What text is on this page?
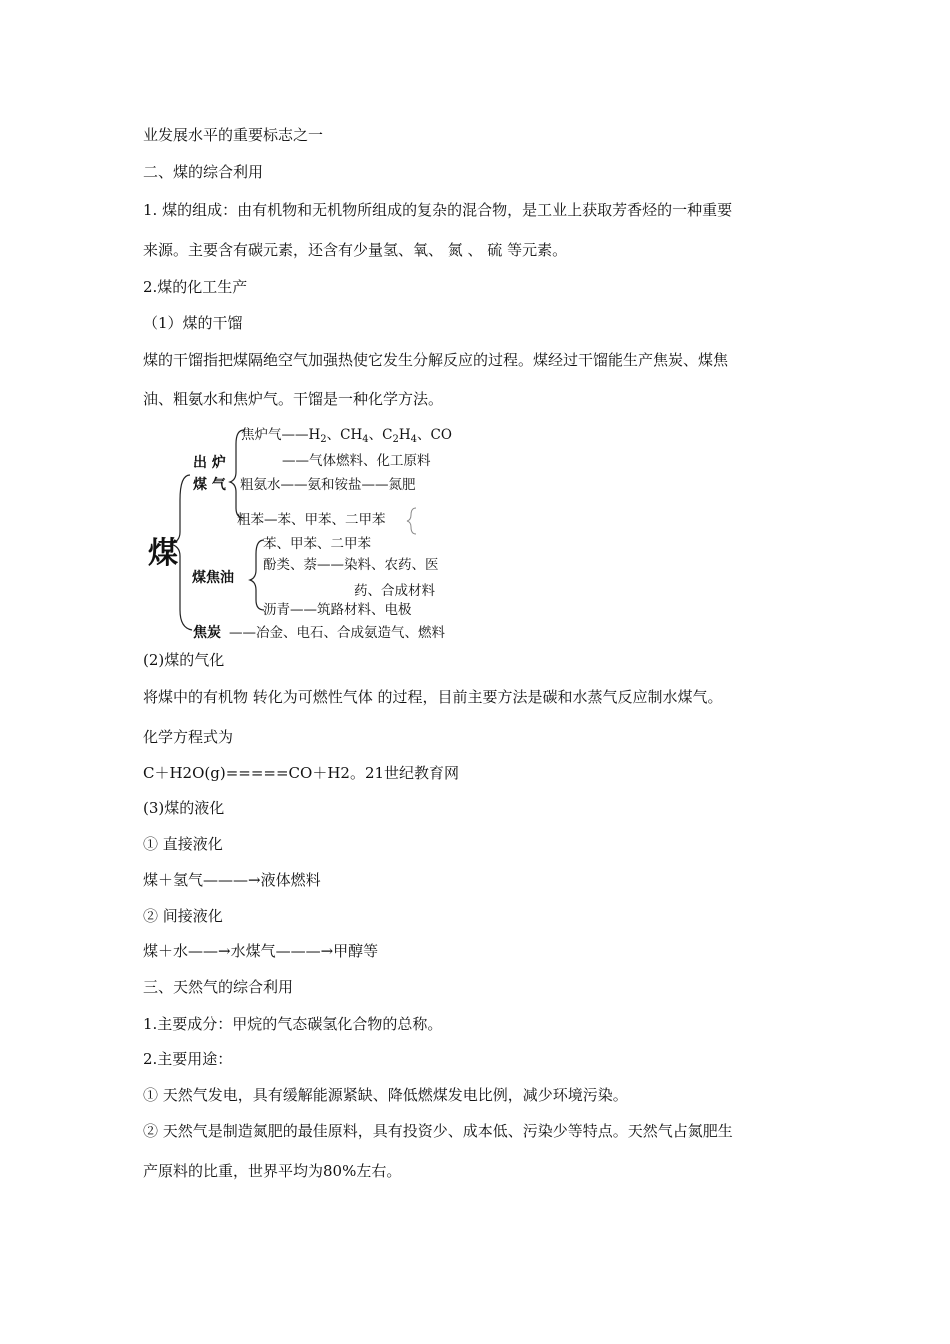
业发展水平的重要标志之一
二、煤的综合利用
1. 煤的组成：由有机物和无机物所组成的复杂的混合物，是工业上获取芳香烃的一种重要
来源。主要含有碳元素，还含有少量氢、氧、 氮 、 硫 等元素。
2.煤的化工生产
（1）煤的干馏
煤的干馏指把煤隔绝空气加强热使它发生分解反应的过程。煤经过干馏能生产焦炭、煤焦
油、粗氨水和焦炉气。干馏是一种化学方法。
煤
出 炉
煤 气
焦炉气$——H_2$、$CH_4$、$C_2H_4$、CO
——气体燃料、化工原料
粗氨水——氨和铵盐——氮肥
粗苯—苯、甲苯、二甲苯
煤焦油
苯、甲苯、二甲苯
酚类、萘——染料、农药、医
药、合成材料
沥青——筑路材料、电极
焦炭 ——冶金、电石、合成氨造气、燃料
(2)煤的气化
将煤中的有机物 转化为可燃性气体 的过程，目前主要方法是碳和水蒸气反应制水煤气。
化学方程式为
C＋H2O(g)=====CO＋H2。21世纪教育网
(3)煤的液化
① 直接液化
煤＋氢气———→液体燃料
② 间接液化
煤＋水——→水煤气———→甲醇等
三、天然气的综合利用
1.主要成分：甲烷的气态碳氢化合物的总称。
2.主要用途：
① 天然气发电，具有缓解能源紧缺、降低燃煤发电比例，减少环境污染。
② 天然气是制造氮肥的最佳原料，具有投资少、成本低、污染少等特点。天然气占氮肥生
产原料的比重，世界平均为80%左右。
